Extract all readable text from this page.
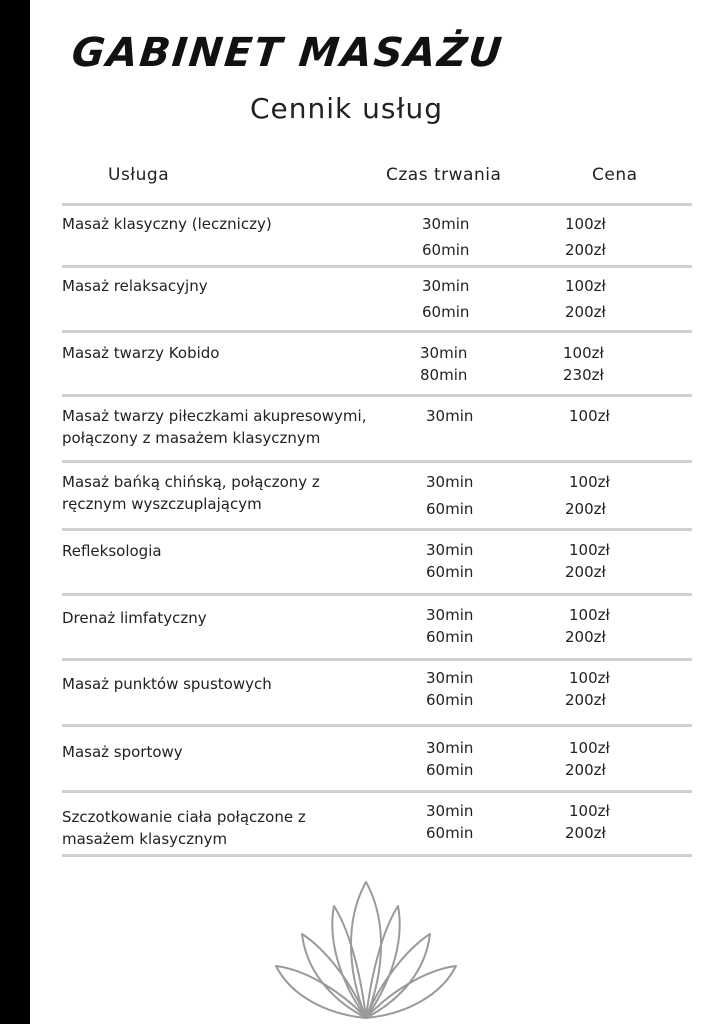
GABINET MASAŻU
Cennik usług
Usługa	Czas trwania	Cena
Masaż klasyczny (leczniczy)	30min	100zł
60min	200zł
Masaż relaksacyjny	30min	100zł
60min	200zł
Masaż twarzy Kobido	30min	100zł
80min	230zł
Masaż twarzy piłeczkami akupresowymi, połączony z masażem klasycznym
30min	100zł
Masaż bańką chińską, połączony z ręcznym wyszczuplającym
30min	100zł
60min	200zł
Refleksologia	30min	100zł
60min	200zł
Drenaż limfatyczny	30min	100zł
60min	200zł
Masaż punktów spustowych	30min	100zł
60min	200zł
Masaż sportowy	30min	100zł
60min	200zł
Szczotkowanie ciała połączone z masażem klasycznym
30min	100zł
60min	200zł
